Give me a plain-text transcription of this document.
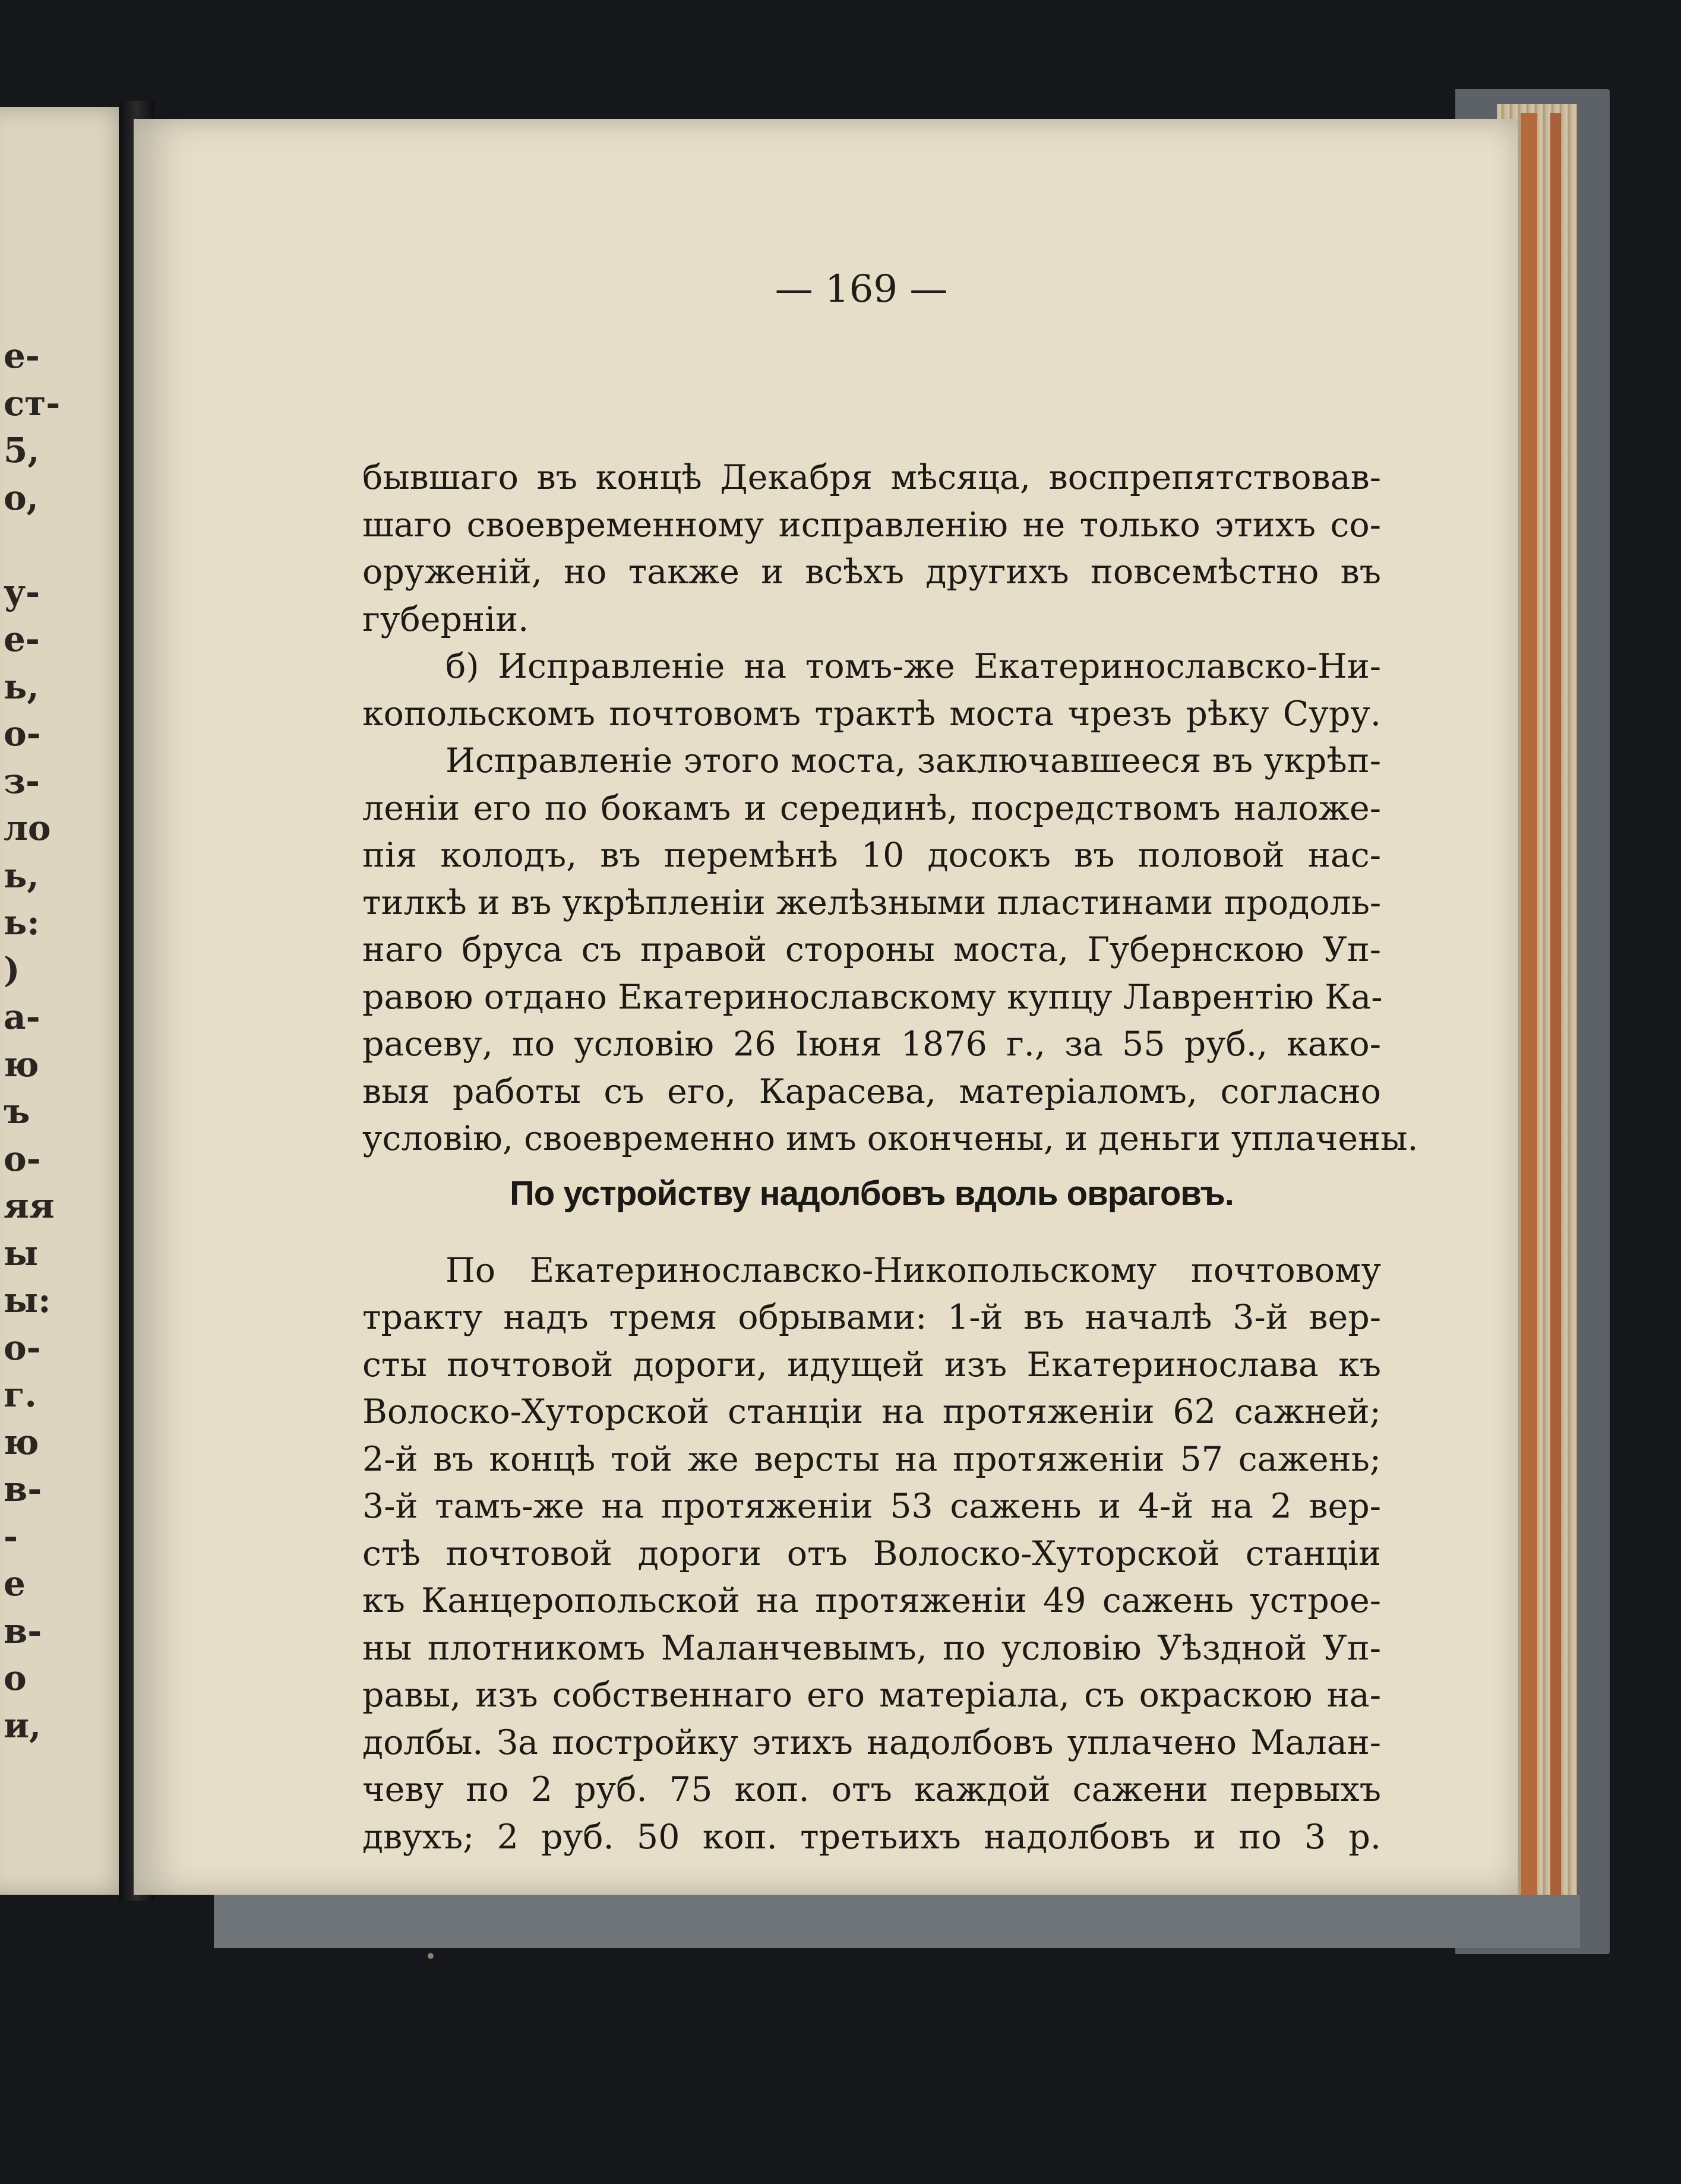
е-
ст-
5,
о,

у-
е-
ь,
о-
з-
ло
ь,
ь:
)
а-
ю
ъ
о-
яя
ы
ы:
о-
г.
ю
в-
-
е
в-
о
и,
— 169 —
бывшаго въ концѣ Декабря мѣсяца, воспрепятствовав-
шаго своевременному исправленію не только этихъ со-
оруженій, но также и всѣхъ другихъ повсемѣстно въ
губерніи.
б) Исправленіе на томъ-же Екатеринославско-Ни-
копольскомъ почтовомъ трактѣ моста чрезъ рѣку Суру.
Исправленіе этого моста, заключавшееся въ укрѣп-
леніи его по бокамъ и серединѣ, посредствомъ наложе-
пія колодъ, въ перемѣнѣ 10 досокъ въ половой нас-
тилкѣ и въ укрѣпленіи желѣзными пластинами продоль-
наго бруса съ правой стороны моста, Губернскою Уп-
равою отдано Екатеринославскому купцу Лаврентію Ка-
расеву, по условію 26 Іюня 1876 г., за 55 руб., како-
выя работы съ его, Карасева, матеріаломъ, согласно
условію, своевременно имъ окончены, и деньги уплачены.
По устройству надолбовъ вдоль овраговъ.
По Екатеринославско-Никопольскому почтовому
тракту надъ тремя обрывами: 1-й въ началѣ 3-й вер-
сты почтовой дороги, идущей изъ Екатеринослава къ
Волоско-Хуторской станціи на протяженіи 62 сажней;
2-й въ концѣ той же версты на протяженіи 57 сажень;
3-й тамъ-же на протяженіи 53 сажень и 4-й на 2 вер-
стѣ почтовой дороги отъ Волоско-Хуторской станціи
къ Канцеропольской на протяженіи 49 сажень устрое-
ны плотникомъ Маланчевымъ, по условію Уѣздной Уп-
равы, изъ собственнаго его матеріала, съ окраскою на-
долбы. За постройку этихъ надолбовъ уплачено Малан-
чеву по 2 руб. 75 коп. отъ каждой сажени первыхъ
двухъ; 2 руб. 50 коп. третьихъ надолбовъ и по 3 р.
